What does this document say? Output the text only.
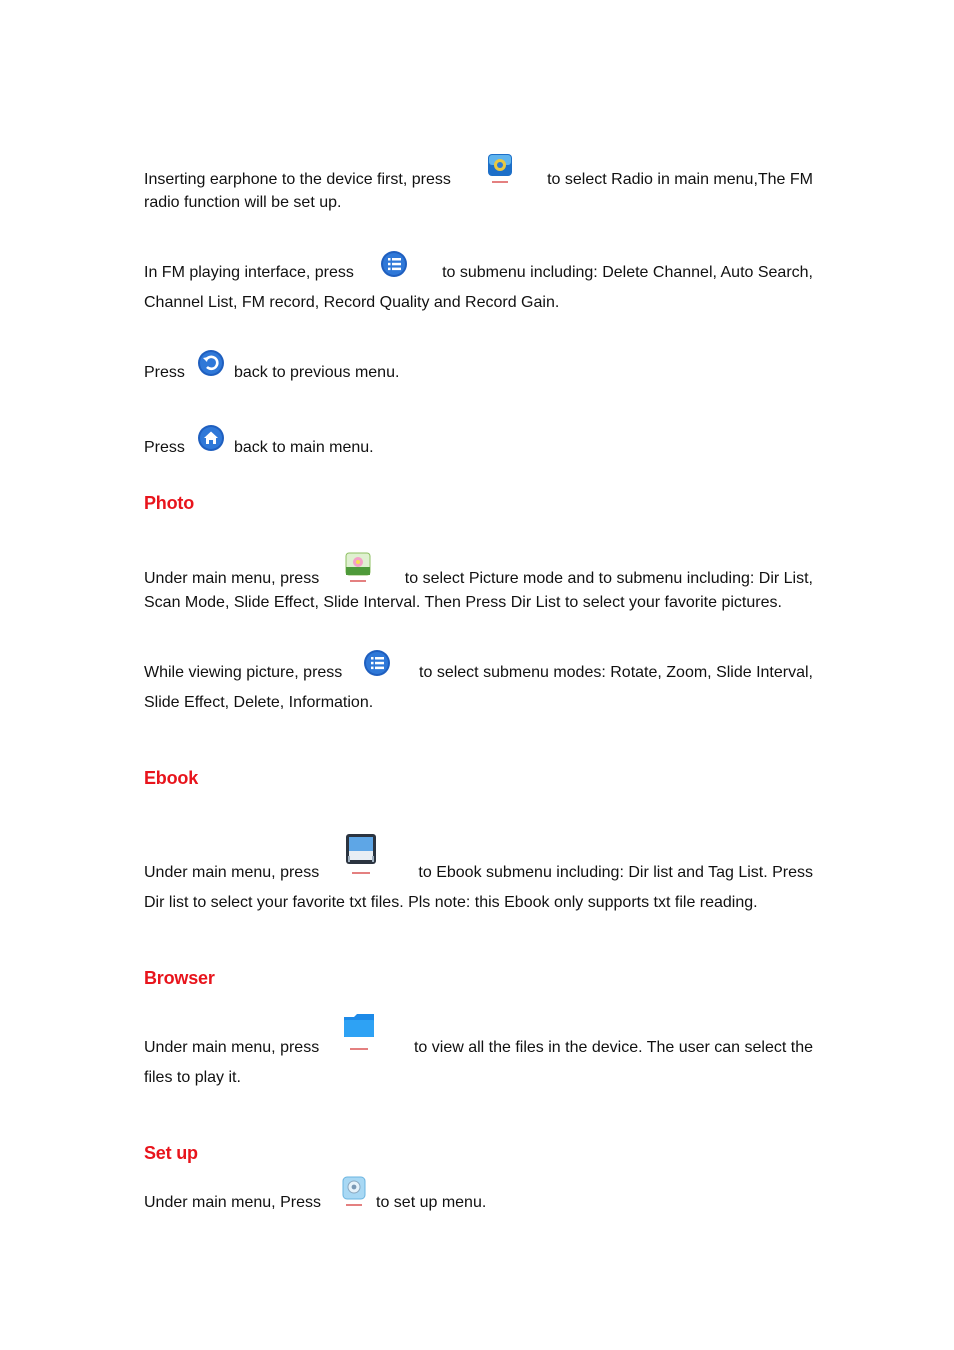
Inserting earphone to the device first, press	to select Radio in main menu,The FM
radio function will be set up.
In FM playing interface, press	to submenu including: Delete Channel, Auto Search,
Channel List, FM record, Record Quality and Record Gain.
Press	back to previous menu.
Press	back to main menu.
Photo
Under main menu, press	to select Picture mode and to submenu including: Dir List,
Scan Mode, Slide Effect, Slide Interval. Then Press Dir List to select your favorite pictures.
While viewing picture, press	to select submenu modes: Rotate, Zoom, Slide Interval,
Slide Effect, Delete, Information.
Ebook
Under main menu, press	to Ebook submenu including: Dir list and Tag List. Press
Dir list to select your favorite txt files. Pls note: this Ebook only supports txt file reading.
Browser
Under main menu, press	to view all the files in the device. The user can select the
files to play it.
Set up
Under main menu, Press	to set up menu.
